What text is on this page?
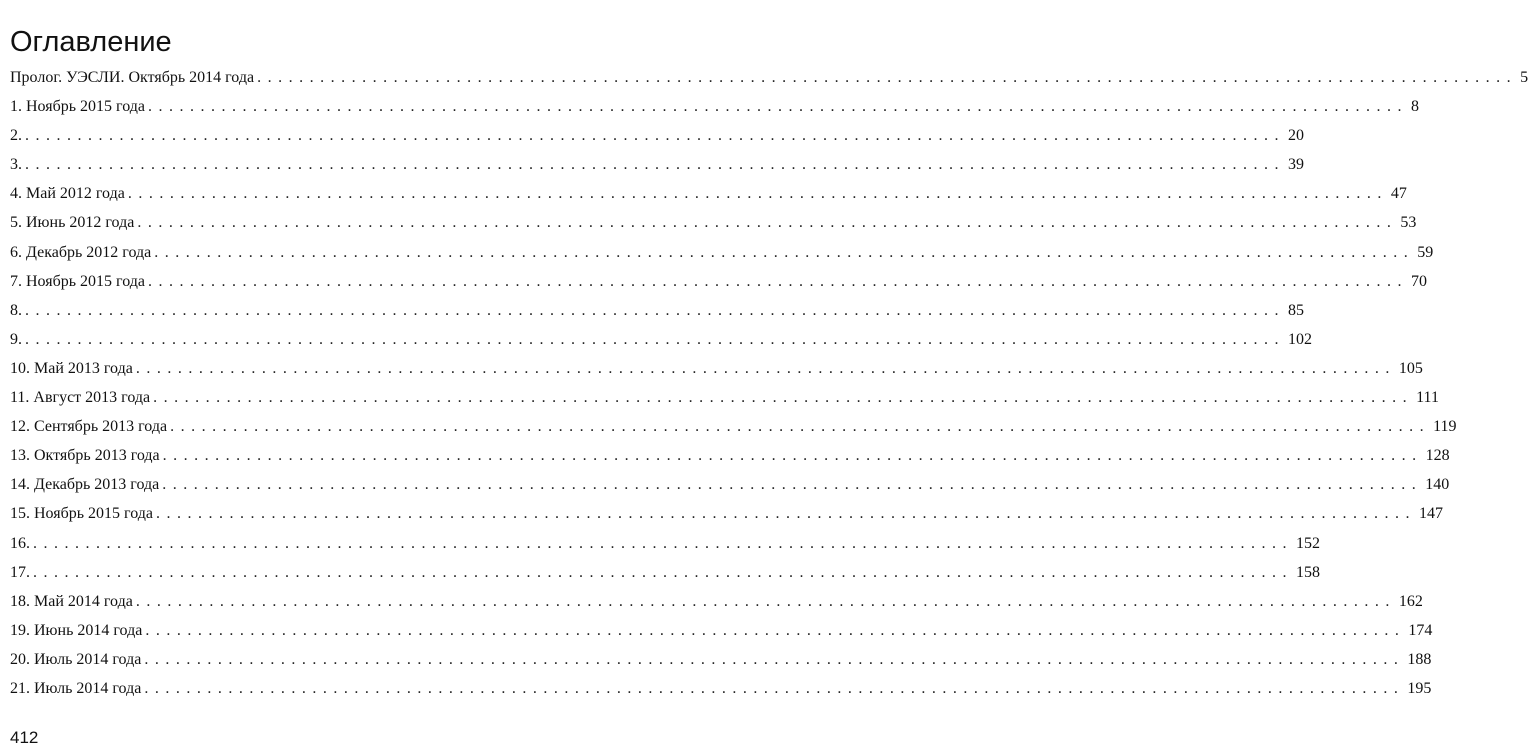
Оглавление
Пролог. УЭСЛИ. Октябрь 2014 года ........................................................................................................................ 5
1. Ноябрь 2015 года ........................................................................................................................ 8
2. ........................................................................................................................ 20
3. ........................................................................................................................ 39
4. Май 2012 года ........................................................................................................................ 47
5. Июнь 2012 года ........................................................................................................................ 53
6. Декабрь 2012 года ........................................................................................................................ 59
7. Ноябрь 2015 года ........................................................................................................................ 70
8. ........................................................................................................................ 85
9. ........................................................................................................................ 102
10. Май 2013 года ........................................................................................................................ 105
11. Август 2013 года ........................................................................................................................ 111
12. Сентябрь 2013 года ........................................................................................................................ 119
13. Октябрь 2013 года ........................................................................................................................ 128
14. Декабрь 2013 года ........................................................................................................................ 140
15. Ноябрь 2015 года ........................................................................................................................ 147
16. ........................................................................................................................ 152
17. ........................................................................................................................ 158
18. Май 2014 года ........................................................................................................................ 162
19. Июнь 2014 года ........................................................................................................................ 174
20. Июль 2014 года ........................................................................................................................ 188
21. Июль 2014 года ........................................................................................................................ 195
412
